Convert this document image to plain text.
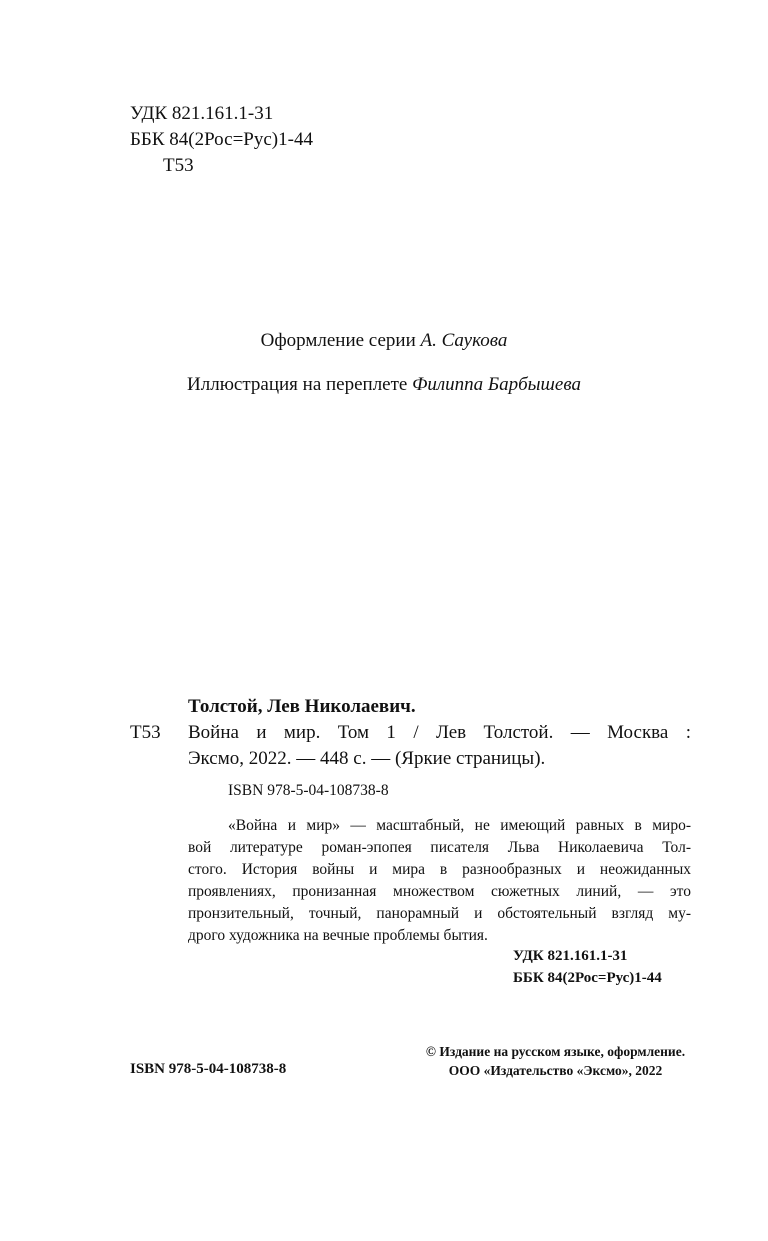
УДК 821.161.1-31
ББК 84(2Рос=Рус)1-44
Т53
Оформление серии А. Саукова
Иллюстрация на переплете Филиппа Барбышева
Толстой, Лев Николаевич.
Т53 Война и мир. Том 1 / Лев Толстой. — Москва :
Эксмо, 2022. — 448 с. — (Яркие страницы).
ISBN 978-5-04-108738-8
«Война и мир» — масштабный, не имеющий равных в миро-
вой литературе роман-эпопея писателя Льва Николаевича Тол-
стого. История войны и мира в разнообразных и неожиданных
проявлениях, пронизанная множеством сюжетных линий, — это
пронзительный, точный, панорамный и обстоятельный взгляд му-
дрого художника на вечные проблемы бытия.
УДК 821.161.1-31
ББК 84(2Рос=Рус)1-44
ISBN 978-5-04-108738-8
© Издание на русском языке, оформление.
ООО «Издательство «Эксмо», 2022
